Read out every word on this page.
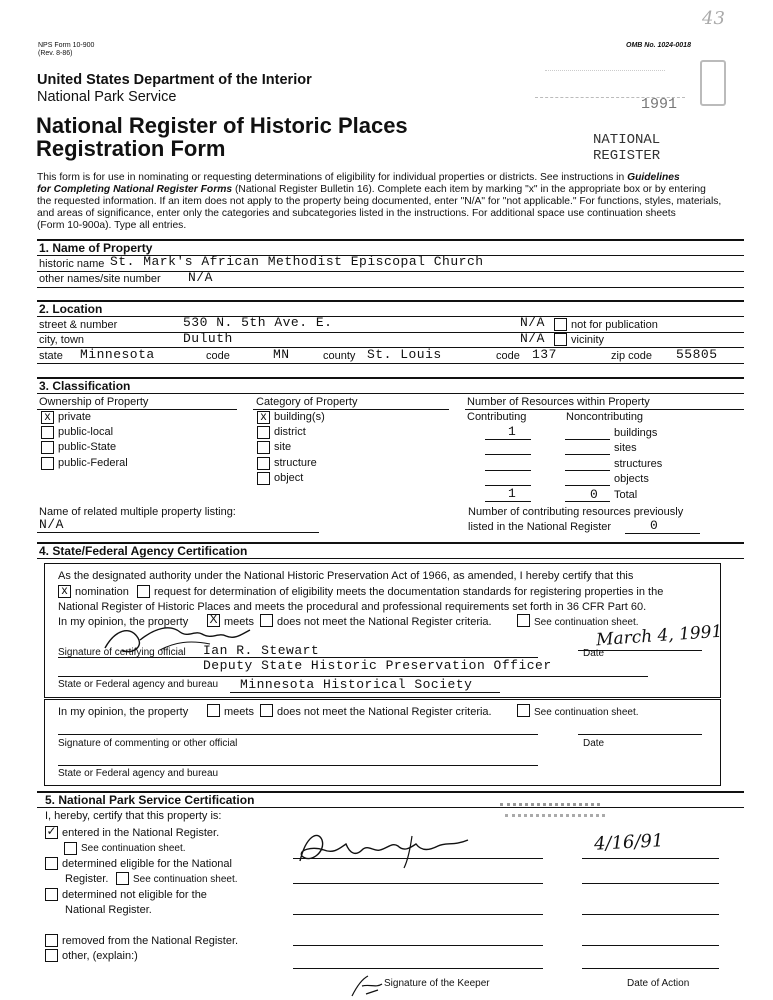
43
NPS Form 10-900
(Rev. 8-86)
OMB No. 1024-0018
United States Department of the Interior
National Park Service
National Register of Historic Places
Registration Form
1991
NATIONAL
REGISTER
This form is for use in nominating or requesting determinations of eligibility for individual properties or districts. See instructions in Guidelines
for Completing National Register Forms (National Register Bulletin 16). Complete each item by marking "x" in the appropriate box or by entering
the requested information. If an item does not apply to the property being documented, enter "N/A" for "not applicable." For functions, styles, materials,
and areas of significance, enter only the categories and subcategories listed in the instructions. For additional space use continuation sheets
(Form 10-900a). Type all entries.
1. Name of Property
historic name St. Mark's African Methodist Episcopal Church
other names/site number N/A
2. Location
street & number	530 N. 5th Ave. E.	N/A not for publication
city, town	Duluth	N/A vicinity
state Minnesota	code	MN	county St. Louis	code 137	zip code 55805
3. Classification
Ownership of Property
x private
public-local
public-State
public-Federal
Category of Property
x building(s)
district
site
structure
object
Number of Resources within Property
Contributing	Noncontributing
1	buildings
sites
structures
objects
1	0 Total
Name of related multiple property listing:
N/A
Number of contributing resources previously
listed in the National Register	0
4. State/Federal Agency Certification
As the designated authority under the National Historic Preservation Act of 1966, as amended, I hereby certify that this
x nomination request for determination of eligibility meets the documentation standards for registering properties in the
National Register of Historic Places and meets the procedural and professional requirements set forth in 36 CFR Part 60.
In my opinion, the property X meets does not meet the National Register criteria.	See continuation sheet.
Ian R. Stewart
Signature of certifying official
March 4, 1991
Date
Deputy State Historic Preservation Officer
State or Federal agency and bureau Minnesota Historical Society
In my opinion, the property	meets does not meet the National Register criteria.	See continuation sheet.
Signature of commenting or other official	Date
State or Federal agency and bureau
5. National Park Service Certification
I, hereby, certify that this property is:
✓ entered in the National Register.
See continuation sheet.
determined eligible for the National
Register. See continuation sheet.
determined not eligible for the
National Register.
removed from the National Register.
other, (explain:)
4/16/91
Signature of the Keeper	Date of Action
